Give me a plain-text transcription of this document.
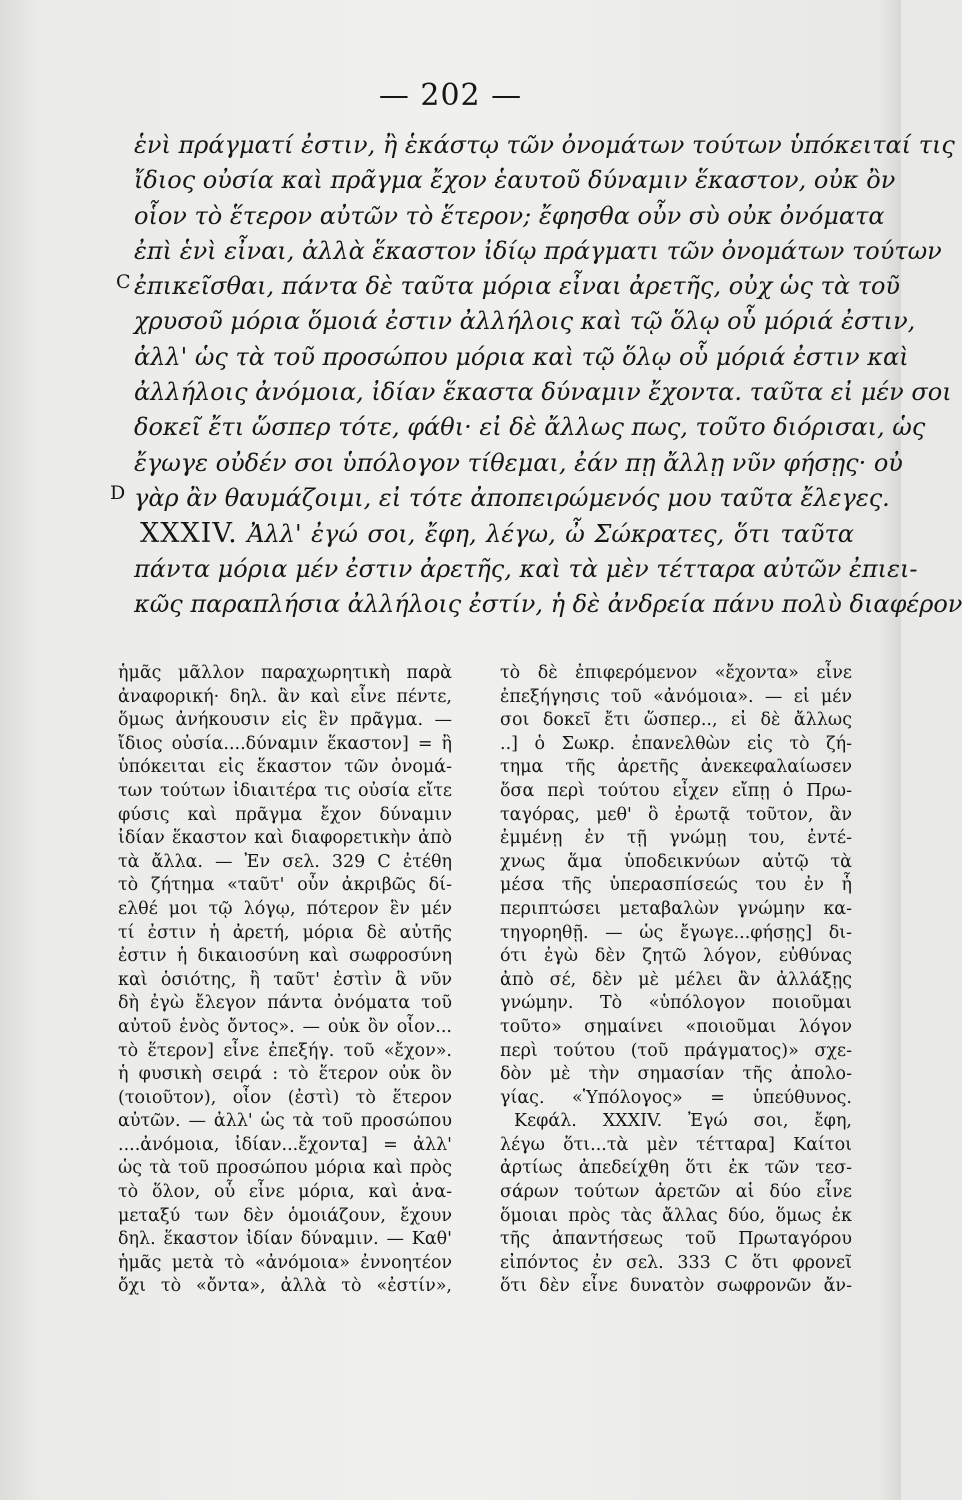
— 202 —
C
D
ἑνὶ πράγματί ἐστιν, ἢ ἑκάστῳ τῶν ὀνομάτων τούτων ὑπόκειταί τις
ἴδιος οὐσία καὶ πρᾶγμα ἔχον ἑαυτοῦ δύναμιν ἕκαστον, οὐκ ὂν
οἷον τὸ ἕτερον αὐτῶν τὸ ἕτερον; ἔφησθα οὖν σὺ οὐκ ὀνόματα
ἐπὶ ἑνὶ εἶναι, ἀλλὰ ἕκαστον ἰδίῳ πράγματι τῶν ὀνομάτων τούτων
ἐπικεῖσθαι, πάντα δὲ ταῦτα μόρια εἶναι ἀρετῆς, οὐχ ὡς τὰ τοῦ
χρυσοῦ μόρια ὅμοιά ἐστιν ἀλλήλοις καὶ τῷ ὅλῳ οὗ μόριά ἐστιν,
ἀλλ' ὡς τὰ τοῦ προσώπου μόρια καὶ τῷ ὅλῳ οὗ μόριά ἐστιν καὶ
ἀλλήλοις ἀνόμοια, ἰδίαν ἕκαστα δύναμιν ἔχοντα. ταῦτα εἰ μέν σοι
δοκεῖ ἔτι ὥσπερ τότε, φάθι· εἰ δὲ ἄλλως πως, τοῦτο διόρισαι, ὡς
ἔγωγε οὐδέν σοι ὑπόλογον τίθεμαι, ἐάν πῃ ἄλλῃ νῦν φήσῃς· οὐ
γὰρ ἂν θαυμάζοιμι, εἰ τότε ἀποπειρώμενός μου ταῦτα ἔλεγες.
XXXIV. Ἀλλ' ἐγώ σοι, ἔφη, λέγω, ὦ Σώκρατες, ὅτι ταῦτα
πάντα μόρια μέν ἐστιν ἀρετῆς, καὶ τὰ μὲν τέτταρα αὐτῶν ἐπιει-
κῶς παραπλήσια ἀλλήλοις ἐστίν, ἡ δὲ ἀνδρεία πάνυ πολὺ διαφέρον
ἡμᾶς μᾶλλον παραχωρητικὴ παρὰ
ἀναφορική· δηλ. ἂν καὶ εἶνε πέντε,
ὅμως ἀνήκουσιν εἰς ἓν πρᾶγμα. —
ἴδιος οὐσία....δύναμιν ἕκαστον] = ἢ
ὑπόκειται εἰς ἕκαστον τῶν ὀνομά-
των τούτων ἰδιαιτέρα τις οὐσία εἴτε
φύσις καὶ πρᾶγμα ἔχον δύναμιν
ἰδίαν ἕκαστον καὶ διαφορετικὴν ἀπὸ
τὰ ἄλλα. — Ἐν σελ. 329 C ἐτέθη
τὸ ζήτημα «ταῦτ' οὖν ἀκριβῶς δί-
ελθέ μοι τῷ λόγῳ, πότερον ἓν μέν
τί ἐστιν ἡ ἀρετή, μόρια δὲ αὐτῆς
ἐστιν ἡ δικαιοσύνη καὶ σωφροσύνη
καὶ ὁσιότης, ἢ ταῦτ' ἐστὶν ἃ νῦν
δὴ ἐγὼ ἔλεγον πάντα ὀνόματα τοῦ
αὐτοῦ ἑνὸς ὄντος». — οὐκ ὂν οἷον...
τὸ ἕτερον] εἶνε ἐπεξήγ. τοῦ «ἔχον».
ἡ φυσικὴ σειρά : τὸ ἕτερον οὐκ ὂν
(τοιοῦτον), οἷον (ἐστὶ) τὸ ἕτερον
αὐτῶν. — ἀλλ' ὡς τὰ τοῦ προσώπου
....ἀνόμοια, ἰδίαν...ἔχοντα] = ἀλλ'
ὡς τὰ τοῦ προσώπου μόρια καὶ πρὸς
τὸ ὅλον, οὗ εἶνε μόρια, καὶ ἀνα-
μεταξύ των δὲν ὁμοιάζουν, ἔχουν
δηλ. ἕκαστον ἰδίαν δύναμιν. — Καθ'
ἡμᾶς μετὰ τὸ «ἀνόμοια» ἐννοητέον
ὄχι τὸ «ὄντα», ἀλλὰ τὸ «ἐστίν»,
τὸ δὲ ἐπιφερόμενον «ἔχοντα» εἶνε
ἐπεξήγησις τοῦ «ἀνόμοια». — εἰ μέν
σοι δοκεῖ ἔτι ὥσπερ.., εἰ δὲ ἄλλως
..] ὁ Σωκρ. ἐπανελθὼν εἰς τὸ ζή-
τημα τῆς ἀρετῆς ἀνεκεφαλαίωσεν
ὅσα περὶ τούτου εἶχεν εἴπῃ ὁ Πρω-
ταγόρας, μεθ' ὃ ἐρωτᾷ τοῦτον, ἂν
ἐμμένῃ ἐν τῇ γνώμῃ του, ἐντέ-
χνως ἅμα ὑποδεικνύων αὐτῷ τὰ
μέσα τῆς ὑπερασπίσεώς του ἐν ἧ
περιπτώσει μεταβαλὼν γνώμην κα-
τηγορηθῇ. — ὡς ἔγωγε...φήσῃς] δι-
ότι ἐγὼ δὲν ζητῶ λόγον, εὐθύνας
ἀπὸ σέ, δὲν μὲ μέλει ἂν ἀλλάξῃς
γνώμην. Τὸ «ὑπόλογον ποιοῦμαι
τοῦτο» σημαίνει «ποιοῦμαι λόγον
περὶ τούτου (τοῦ πράγματος)» σχε-
δὸν μὲ τὴν σημασίαν τῆς ἀπολο-
γίας. «Ὑπόλογος» = ὑπεύθυνος.
Κεφάλ. XXXIV. Ἐγώ σοι, ἔφη,
λέγω ὅτι...τὰ μὲν τέτταρα] Καίτοι
ἀρτίως ἀπεδείχθη ὅτι ἐκ τῶν τεσ-
σάρων τούτων ἀρετῶν αἱ δύο εἶνε
ὅμοιαι πρὸς τὰς ἄλλας δύο, ὅμως ἐκ
τῆς ἀπαντήσεως τοῦ Πρωταγόρου
εἰπόντος ἐν σελ. 333 C ὅτι φρονεῖ
ὅτι δὲν εἶνε δυνατὸν σωφρονῶν ἄν-
